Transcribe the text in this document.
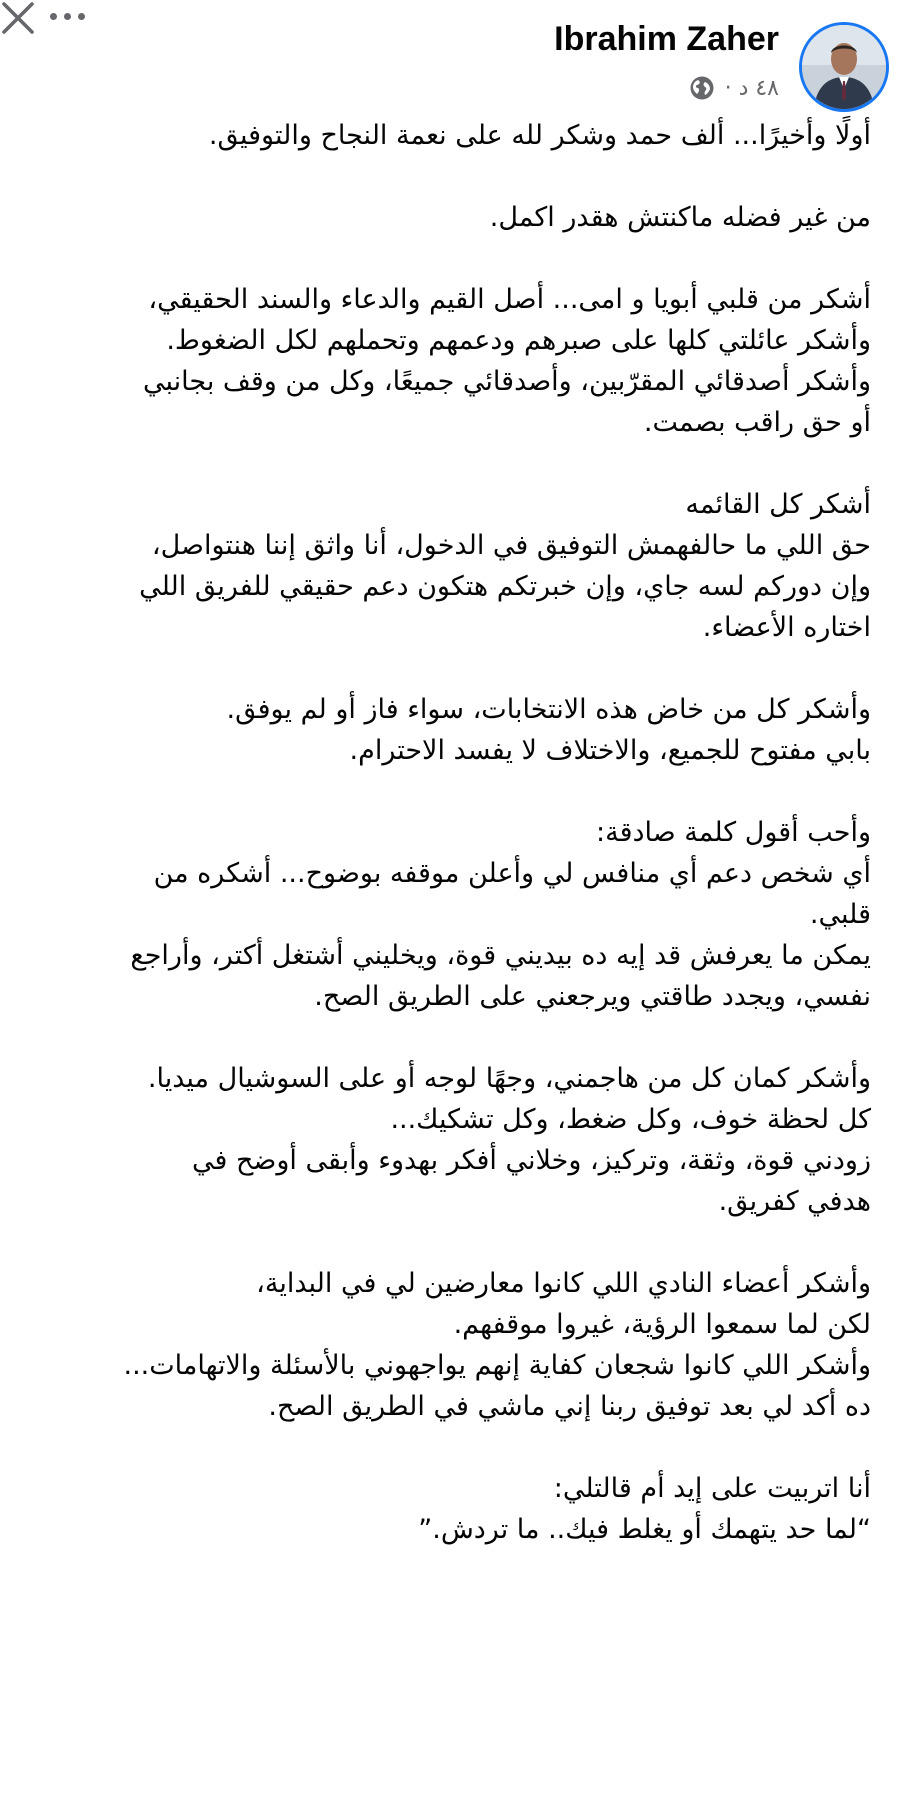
Ibrahim Zaher
٤٨ د ·
أولًا وأخيرًا... ألف حمد وشكر لله على نعمة النجاح والتوفيق.
من غير فضله ماكنتش هقدر اكمل.
أشكر من قلبي أبويا و امى... أصل القيم والدعاء والسند الحقيقي،
وأشكر عائلتي كلها على صبرهم ودعمهم وتحملهم لكل الضغوط.
وأشكر أصدقائي المقرّبين، وأصدقائي جميعًا، وكل من وقف بجانبي
أو حق راقب بصمت.
أشكر كل القائمه
حق اللي ما حالفهمش التوفيق في الدخول، أنا واثق إننا هنتواصل،
وإن دوركم لسه جاي، وإن خبرتكم هتكون دعم حقيقي للفريق اللي
اختاره الأعضاء.
وأشكر كل من خاض هذه الانتخابات، سواء فاز أو لم يوفق.
بابي مفتوح للجميع، والاختلاف لا يفسد الاحترام.
وأحب أقول كلمة صادقة:
أي شخص دعم أي منافس لي وأعلن موقفه بوضوح... أشكره من
قلبي.
يمكن ما يعرفش قد إيه ده بيديني قوة، ويخليني أشتغل أكتر، وأراجع
نفسي، ويجدد طاقتي ويرجعني على الطريق الصح.
وأشكر كمان كل من هاجمني، وجهًا لوجه أو على السوشيال ميديا.
كل لحظة خوف، وكل ضغط، وكل تشكيك...
زودني قوة، وثقة، وتركيز، وخلاني أفكر بهدوء وأبقى أوضح في
هدفي كفريق.
وأشكر أعضاء النادي اللي كانوا معارضين لي في البداية،
لكن لما سمعوا الرؤية، غيروا موقفهم.
وأشكر اللي كانوا شجعان كفاية إنهم يواجهوني بالأسئلة والاتهامات...
ده أكد لي بعد توفيق ربنا إني ماشي في الطريق الصح.
أنا اتربيت على إيد أم قالتلي:
“لما حد يتهمك أو يغلط فيك.. ما تردش.”
